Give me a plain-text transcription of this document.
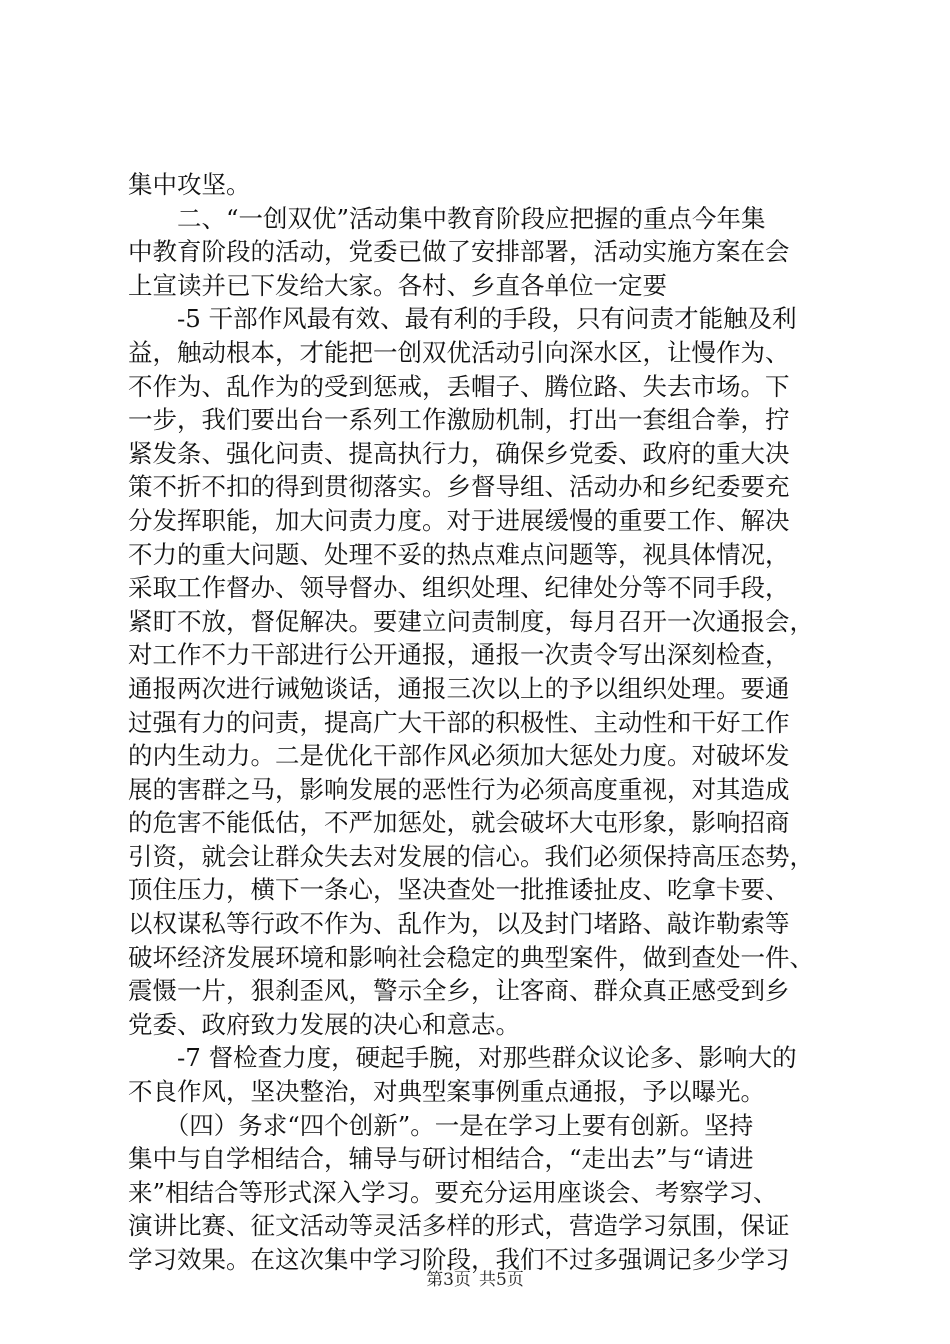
集中攻坚。
　　二、“一创双优”活动集中教育阶段应把握的重点今年集
中教育阶段的活动，党委已做了安排部署，活动实施方案在会
上宣读并已下发给大家。各村、乡直各单位一定要
　　-5 干部作风最有效、最有利的手段，只有问责才能触及利
益，触动根本，才能把一创双优活动引向深水区，让慢作为、
不作为、乱作为的受到惩戒，丢帽子、腾位路、失去市场。下
一步，我们要出台一系列工作激励机制，打出一套组合拳，拧
紧发条、强化问责、提高执行力，确保乡党委、政府的重大决
策不折不扣的得到贯彻落实。乡督导组、活动办和乡纪委要充
分发挥职能，加大问责力度。对于进展缓慢的重要工作、解决
不力的重大问题、处理不妥的热点难点问题等，视具体情况，
采取工作督办、领导督办、组织处理、纪律处分等不同手段，
紧盯不放，督促解决。要建立问责制度，每月召开一次通报会，
对工作不力干部进行公开通报，通报一次责令写出深刻检查，
通报两次进行诫勉谈话，通报三次以上的予以组织处理。要通
过强有力的问责，提高广大干部的积极性、主动性和干好工作
的内生动力。二是优化干部作风必须加大惩处力度。对破坏发
展的害群之马，影响发展的恶性行为必须高度重视，对其造成
的危害不能低估，不严加惩处，就会破坏大屯形象，影响招商
引资，就会让群众失去对发展的信心。我们必须保持高压态势，
顶住压力，横下一条心，坚决查处一批推诿扯皮、吃拿卡要、
以权谋私等行政不作为、乱作为，以及封门堵路、敲诈勒索等
破坏经济发展环境和影响社会稳定的典型案件，做到查处一件、
震慑一片，狠刹歪风，警示全乡，让客商、群众真正感受到乡
党委、政府致力发展的决心和意志。
　　-7 督检查力度，硬起手腕，对那些群众议论多、影响大的
不良作风，坚决整治，对典型案事例重点通报，予以曝光。
　　（四）务求“四个创新”。一是在学习上要有创新。坚持
集中与自学相结合，辅导与研讨相结合，“走出去”与“请进
来”相结合等形式深入学习。要充分运用座谈会、考察学习、
演讲比赛、征文活动等灵活多样的形式，营造学习氛围，保证
学习效果。在这次集中学习阶段，我们不过多强调记多少学习
第3页 共5页
